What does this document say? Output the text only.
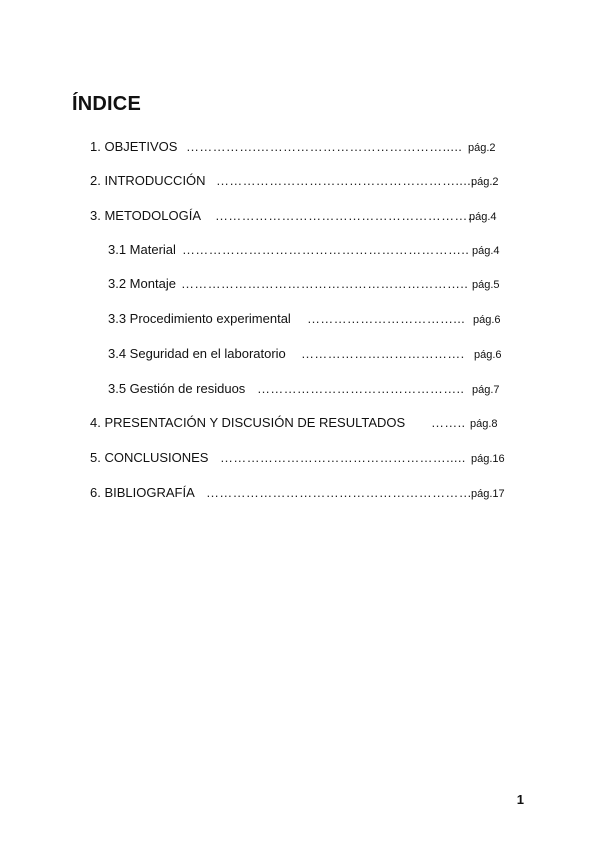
ÍNDICE
1. OBJETIVOS …………….……………………………………..... pág.2
2. INTRODUCCIÓN ……………………………………………….....
pág.2
3. METODOLOGÍA …………………………………………………..
pág.4
3.1 Material ……………………………………………………….. pág.4
3.2 Montaje ……………………………………………………….. pág.5
3.3 Procedimiento experimental ……………………………... pág.6
3.4 Seguridad en el laboratorio ………………………………. pág.6
3.5 Gestión de residuos ……………………………………….. pág.7
4. PRESENTACIÓN Y DISCUSIÓN DE RESULTADOS …….. pág.8
5. CONCLUSIONES ……………………………………………..... pág.16
6. BIBLIOGRAFÍA …………………………………………………… pág.17
1
